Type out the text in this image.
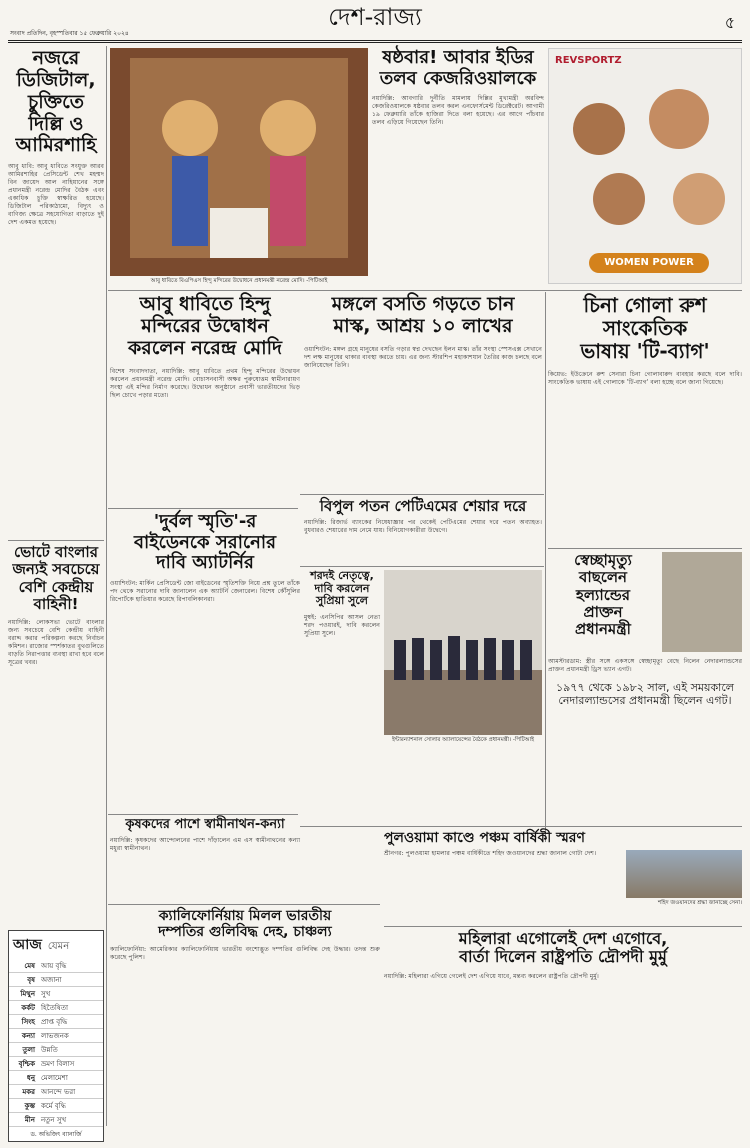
সংবাদ প্রতিদিন, বৃহস্পতিবার ১৫ ফেব্রুয়ারি ২০২৪
দেশ-রাজ্য	৫
নজরে ডিজিটাল, চুক্তিতে দিল্লি ও আমিরশাহি
আবু ধাবি: আবু ধাবিতে সংযুক্ত আরব আমিরশাহির প্রেসিডেন্ট শেখ মহম্মদ বিন জায়েদ আল নাহিয়ানের সঙ্গে প্রধানমন্ত্রী নরেন্দ্র মোদির বৈঠক এবং একাধিক চুক্তি স্বাক্ষরিত হয়েছে। ডিজিটাল পরিকাঠামো, বিদ্যুৎ ও বাণিজ্য ক্ষেত্রে সহযোগিতা বাড়াতে দুই দেশ একমত হয়েছে।
ভোটে বাংলার জন্যই সবচেয়ে বেশি কেন্দ্রীয় বাহিনী!
নয়াদিল্লি: লোকসভা ভোটে বাংলার জন্য সবচেয়ে বেশি কেন্দ্রীয় বাহিনী বরাদ্দ করার পরিকল্পনা করছে নির্বাচন কমিশন। রাজ্যের স্পর্শকাতর বুথগুলিতে বাড়তি নিরাপত্তার ব্যবস্থা রাখা হবে বলে সূত্রের খবর।
আবু ধাবিতে বিএপিএস হিন্দু মন্দিরের উদ্বোধনে প্রধানমন্ত্রী নরেন্দ্র মোদি। -পিটিআই
ষষ্ঠবার! আবার ইডির
তলব কেজরিওয়ালকে
নয়াদিল্লি: আবগারি দুর্নীতি মামলায় দিল্লির মুখ্যমন্ত্রী অরবিন্দ কেজরিওয়ালকে ষষ্ঠবার তলব করল এনফোর্সমেন্ট ডিরেক্টরেট। আগামী ১৯ ফেব্রুয়ারি তাঁকে হাজিরা দিতে বলা হয়েছে। এর আগে পাঁচবার তলব এড়িয়ে গিয়েছেন তিনি।
REVSPORTZ
WOMEN POWER
আবু ধাবিতে হিন্দু
মন্দিরের উদ্বোধন
করলেন নরেন্দ্র মোদি
বিশেষ সংবাদদাতা, নয়াদিল্লি: আবু ধাবিতে প্রথম হিন্দু মন্দিরের উদ্বোধন করলেন প্রধানমন্ত্রী নরেন্দ্র মোদি। বোচাসনবাসী অক্ষর পুরুষোত্তম স্বামীনারায়ণ সংস্থা এই মন্দির নির্মাণ করেছে। উদ্বোধন অনুষ্ঠানে প্রবাসী ভারতীয়দের ভিড় ছিল চোখে পড়ার মতো।
মঙ্গলে বসতি গড়তে চান
মাস্ক, আশ্রয় ১০ লাখের
ওয়াশিংটন: মঙ্গল গ্রহে মানুষের বসতি গড়ার স্বপ্ন দেখছেন ইলন মাস্ক। তাঁর সংস্থা স্পেসএক্স সেখানে দশ লক্ষ মানুষের থাকার ব্যবস্থা করতে চায়। এর জন্য স্টারশিপ মহাকাশযান তৈরির কাজ চলছে বলে জানিয়েছেন তিনি।
চিনা গোলা রুশ
সাংকেতিক
ভাষায় 'টি-ব্যাগ'
কিয়েভ: ইউক্রেনে রুশ সেনারা চিনা গোলাবারুদ ব্যবহার করছে বলে দাবি। সাংকেতিক ভাষায় এই গোলাকে 'টি-ব্যাগ' বলা হচ্ছে বলে জানা গিয়েছে।
বিপুল পতন পেটিএমের শেয়ার দরে
নয়াদিল্লি: রিজার্ভ ব্যাংকের নিষেধাজ্ঞার পর থেকেই পেটিএমের শেয়ার দরে পতন অব্যাহত। বুধবারও শেয়ারের দাম নেমে যায়। বিনিয়োগকারীরা উদ্বেগে।
'দুর্বল স্মৃতি'-র
বাইডেনকে সরানোর
দাবি অ্যাটর্নির
ওয়াশিংটন: মার্কিন প্রেসিডেন্ট জো বাইডেনের স্মৃতিশক্তি নিয়ে প্রশ্ন তুলে তাঁকে পদ থেকে সরানোর দাবি জানালেন এক অ্যাটর্নি জেনারেল। বিশেষ কৌঁসুলির রিপোর্টকে হাতিয়ার করেছে রিপাবলিকানরা।
শরদই নেতৃত্বে,
দাবি করলেন
সুপ্রিয়া সুলে
মুম্বই: এনসিপির আসল নেতা শরদ পওয়ারই, দাবি করলেন সুপ্রিয়া সুলে।
ইন্টারন্যাশনাল সোলার অ্যালায়েন্সের বৈঠকে প্রধানমন্ত্রী। -পিটিআই
স্বেচ্ছামৃত্যু
বাছলেন
হল্যান্ডের
প্রাক্তন
প্রধানমন্ত্রী
আমস্টারডাম: স্ত্রীর সঙ্গে একসঙ্গে স্বেচ্ছামৃত্যু বেছে নিলেন নেদারল্যান্ডসের প্রাক্তন প্রধানমন্ত্রী ড্রিস ভ্যান এগট।
১৯৭৭ থেকে ১৯৮২ সাল, এই সময়কালে নেদারল্যান্ডসের প্রধানমন্ত্রী ছিলেন এগট।
কৃষকদের পাশে স্বামীনাথন-কন্যা
নয়াদিল্লি: কৃষকদের আন্দোলনের পাশে দাঁড়ালেন এম এস স্বামীনাথনের কন্যা মধুরা স্বামীনাথন।
পুলওয়ামা কাণ্ডে পঞ্চম বার্ষিকী স্মরণ
শ্রীনগর: পুলওয়ামা হামলার পঞ্চম বার্ষিকীতে শহিদ জওয়ানদের শ্রদ্ধা জানাল গোটা দেশ।
শহিদ জওয়ানদের শ্রদ্ধা জানাচ্ছে সেনা।
ক্যালিফোর্নিয়ায় মিলল ভারতীয়
দম্পতির গুলিবিদ্ধ দেহ, চাঞ্চল্য
ক্যালিফোর্নিয়া: আমেরিকার ক্যালিফোর্নিয়ায় ভারতীয় বংশোদ্ভূত দম্পতির গুলিবিদ্ধ দেহ উদ্ধার। তদন্ত শুরু করেছে পুলিশ।
মহিলারা এগোলেই দেশ এগোবে,
বার্তা দিলেন রাষ্ট্রপতি দ্রৌপদী মুর্মু
নয়াদিল্লি: মহিলারা এগিয়ে গেলেই দেশ এগিয়ে যাবে, মন্তব্য করলেন রাষ্ট্রপতি দ্রৌপদী মুর্মু।
আজ যেমন
মেষ আয় বৃদ্ধি
বৃষ অজানা
মিথুন সুখ
কর্কট হিতৈষিতা
সিংহ প্রাপ্ত বৃদ্ধি
কন্যা লাভজনক
তুলা উন্নতি
বৃশ্চিক ভ্রমণ বিলাস
ধনু মেলামেশা
মকর আনন্দে ভরা
কুম্ভ কর্মে বৃদ্ধি
মীন নতুন সুখ
ড. অভিজিৎ ব্যানার্জি
